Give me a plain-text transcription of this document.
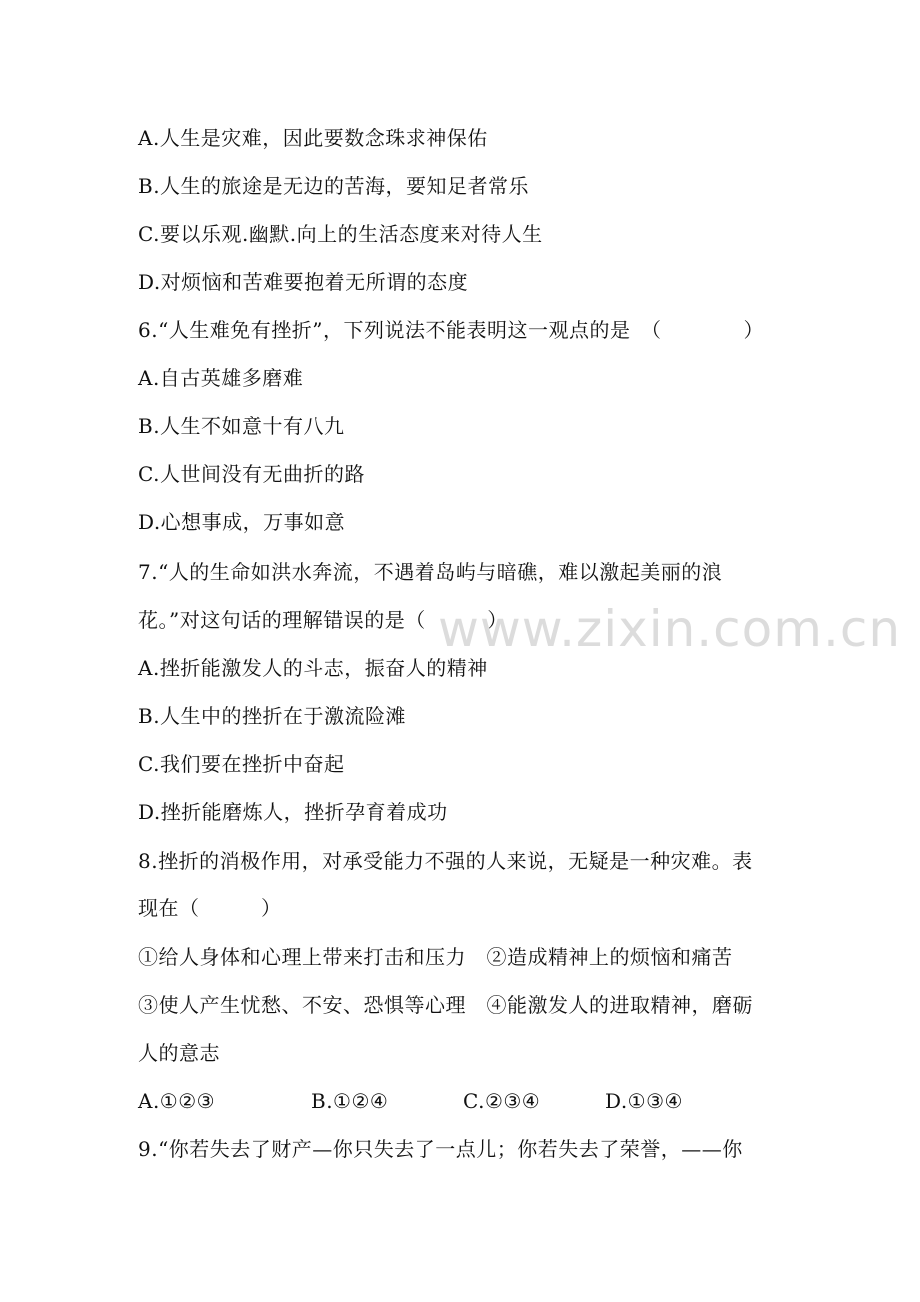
A.人生是灾难，因此要数念珠求神保佑
B.人生的旅途是无边的苦海，要知足者常乐
C.要以乐观.幽默.向上的生活态度来对待人生
D.对烦恼和苦难要抱着无所谓的态度
6.“人生难免有挫折”，下列说法不能表明这一观点的是　（　　　　）
A.自古英雄多磨难
B.人生不如意十有八九
C.人世间没有无曲折的路
D.心想事成，万事如意
7.“人的生命如洪水奔流，不遇着岛屿与暗礁，难以激起美丽的浪
花。”对这句话的理解错误的是（　　　）
A.挫折能激发人的斗志，振奋人的精神
B.人生中的挫折在于激流险滩
C.我们要在挫折中奋起
D.挫折能磨炼人，挫折孕育着成功
8.挫折的消极作用，对承受能力不强的人来说，无疑是一种灾难。表
现在（　　　）
①给人身体和心理上带来打击和压力　②造成精神上的烦恼和痛苦
③使人产生忧愁、不安、恐惧等心理　④能激发人的进取精神，磨砺
人的意志
A.①②③	B.①②④	C.②③④	D.①③④
9.“你若失去了财产—你只失去了一点儿；你若失去了荣誉，——你
www.zixin.com.cn
